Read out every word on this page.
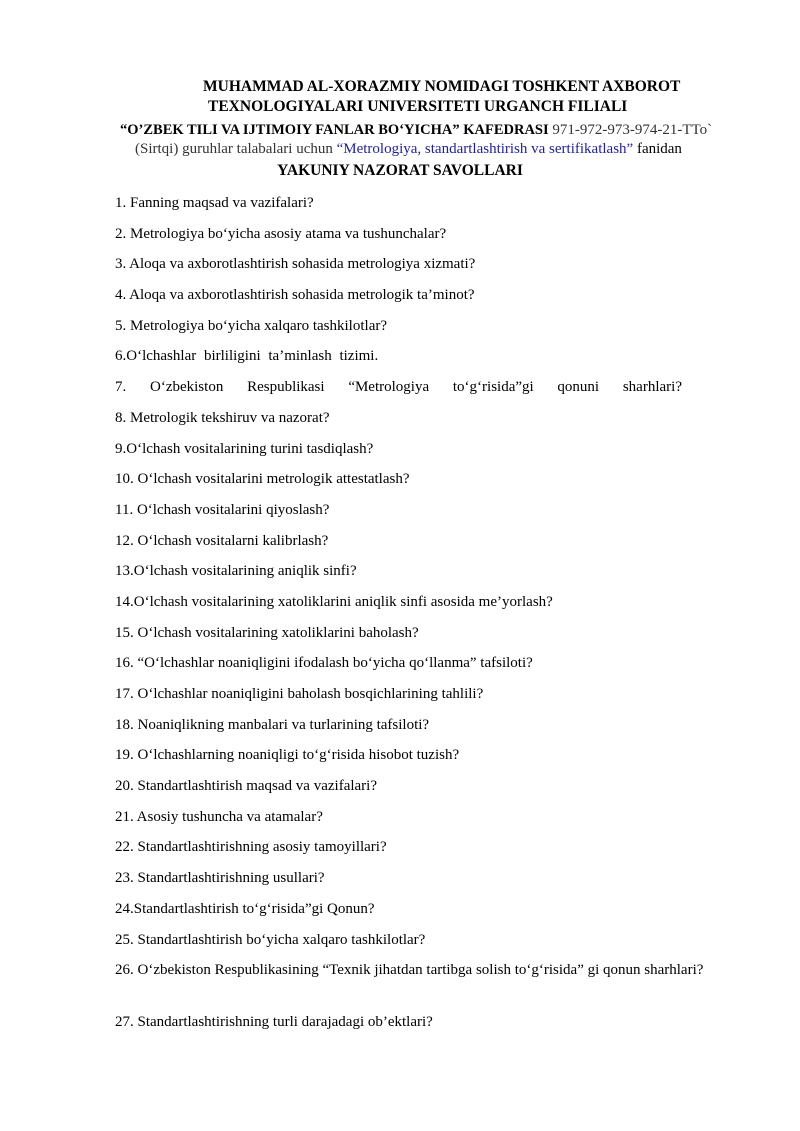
MUHAMMAD AL-XORAZMIY NOMIDAGI TOSHKENT AXBOROT
TEXNOLOGIYALARI UNIVERSITETI URGANCH FILIALI
“O’ZBEK TILI VA IJTIMOIY FANLAR BO‘YICHA” KAFEDRASI 971-972-973-974-21-TTo`
(Sirtqi) guruhlar talabalari uchun “Metrologiya, standartlashtirish va sertifikatlash” fanidan
YAKUNIY NAZORAT SAVOLLARI
1. Fanning maqsad va vazifalari?
2. Metrologiya bo‘yicha asosiy atama va tushunchalar?
3. Aloqa va axborotlashtirish sohasida metrologiya xizmati?
4. Aloqa va axborotlashtirish sohasida metrologik ta’minot?
5. Metrologiya bo‘yicha xalqaro tashkilotlar?
6.O‘lchashlar birliligini ta’minlash tizimi.
7. O‘zbekiston Respublikasi “Metrologiya to‘g‘risida”gi qonuni sharhlari?
8. Metrologik tekshiruv va nazorat?
9.O‘lchash vositalarining turini tasdiqlash?
10. O‘lchash vositalarini metrologik attestatlash?
11. O‘lchash vositalarini qiyoslash?
12. O‘lchash vositalarni kalibrlash?
13.O‘lchash vositalarining aniqlik sinfi?
14.O‘lchash vositalarining xatoliklarini aniqlik sinfi asosida me’yorlash?
15. O‘lchash vositalarining xatoliklarini baholash?
16. “O‘lchashlar noaniqligini ifodalash bo‘yicha qo‘llanma” tafsiloti?
17. O‘lchashlar noaniqligini baholash bosqichlarining tahlili?
18. Noaniqlikning manbalari va turlarining tafsiloti?
19. O‘lchashlarning noaniqligi to‘g‘risida hisobot tuzish?
20. Standartlashtirish maqsad va vazifalari?
21. Asosiy tushuncha va atamalar?
22. Standartlashtirishning asosiy tamoyillari?
23. Standartlashtirishning usullari?
24.Standartlashtirish to‘g‘risida”gi Qonun?
25. Standartlashtirish bo‘yicha xalqaro tashkilotlar?
26. O‘zbekiston Respublikasining “Texnik jihatdan tartibga solish to‘g‘risida” gi qonun sharhlari?
27. Standartlashtirishning turli darajadagi ob’ektlari?
